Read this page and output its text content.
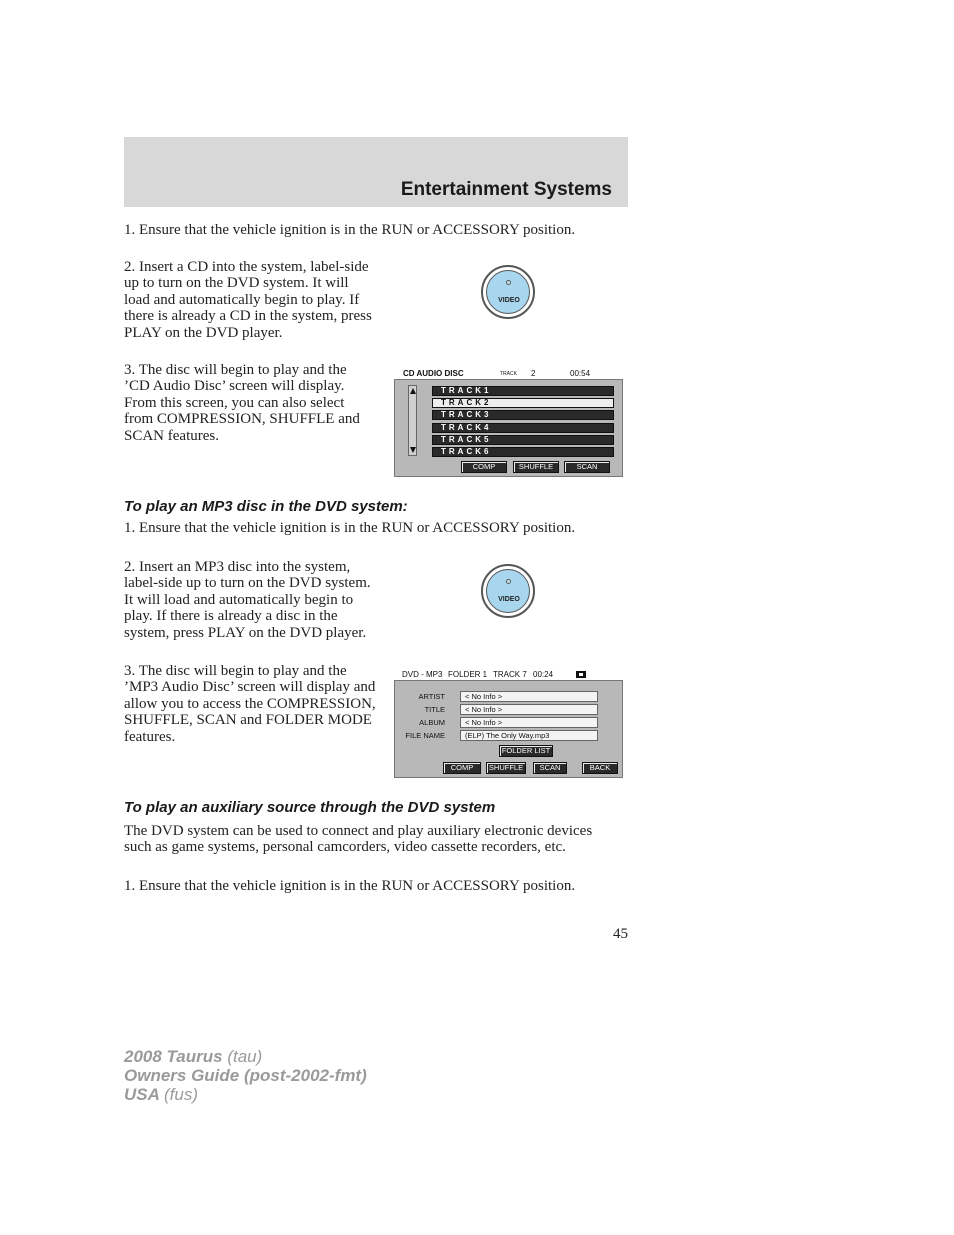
Entertainment Systems
1. Ensure that the vehicle ignition is in the RUN or ACCESSORY position.
2. Insert a CD into the system, label-side up to turn on the DVD system. It will load and automatically begin to play. If there is already a CD in the system, press PLAY on the DVD player.
3. The disc will begin to play and the ’CD Audio Disc’ screen will display. From this screen, you can also select from COMPRESSION, SHUFFLE and SCAN features.
VIDEO
CD AUDIO DISC	TRACK 2	00:54
TRACK1
TRACK2
TRACK3
TRACK4
TRACK5
TRACK6
COMP	SHUFFLE	SCAN
To play an MP3 disc in the DVD system:
1. Ensure that the vehicle ignition is in the RUN or ACCESSORY position.
2. Insert an MP3 disc into the system, label-side up to turn on the DVD system. It will load and automatically begin to play. If there is already a disc in the system, press PLAY on the DVD player.
3. The disc will begin to play and the ’MP3 Audio Disc’ screen will display and allow you to access the COMPRESSION, SHUFFLE, SCAN and FOLDER MODE features.
VIDEO
DVD - MP3 FOLDER 1 TRACK 7 00:24
ARTIST	< No Info >
TITLE	< No Info >
ALBUM	< No Info >
FILE NAME	(ELP) The Only Way.mp3
FOLDER LIST
COMP	SHUFFLE	SCAN	BACK
To play an auxiliary source through the DVD system
The DVD system can be used to connect and play auxiliary electronic devices such as game systems, personal camcorders, video cassette recorders, etc.
1. Ensure that the vehicle ignition is in the RUN or ACCESSORY position.
45
2008 Taurus (tau)
Owners Guide (post-2002-fmt)
USA (fus)
